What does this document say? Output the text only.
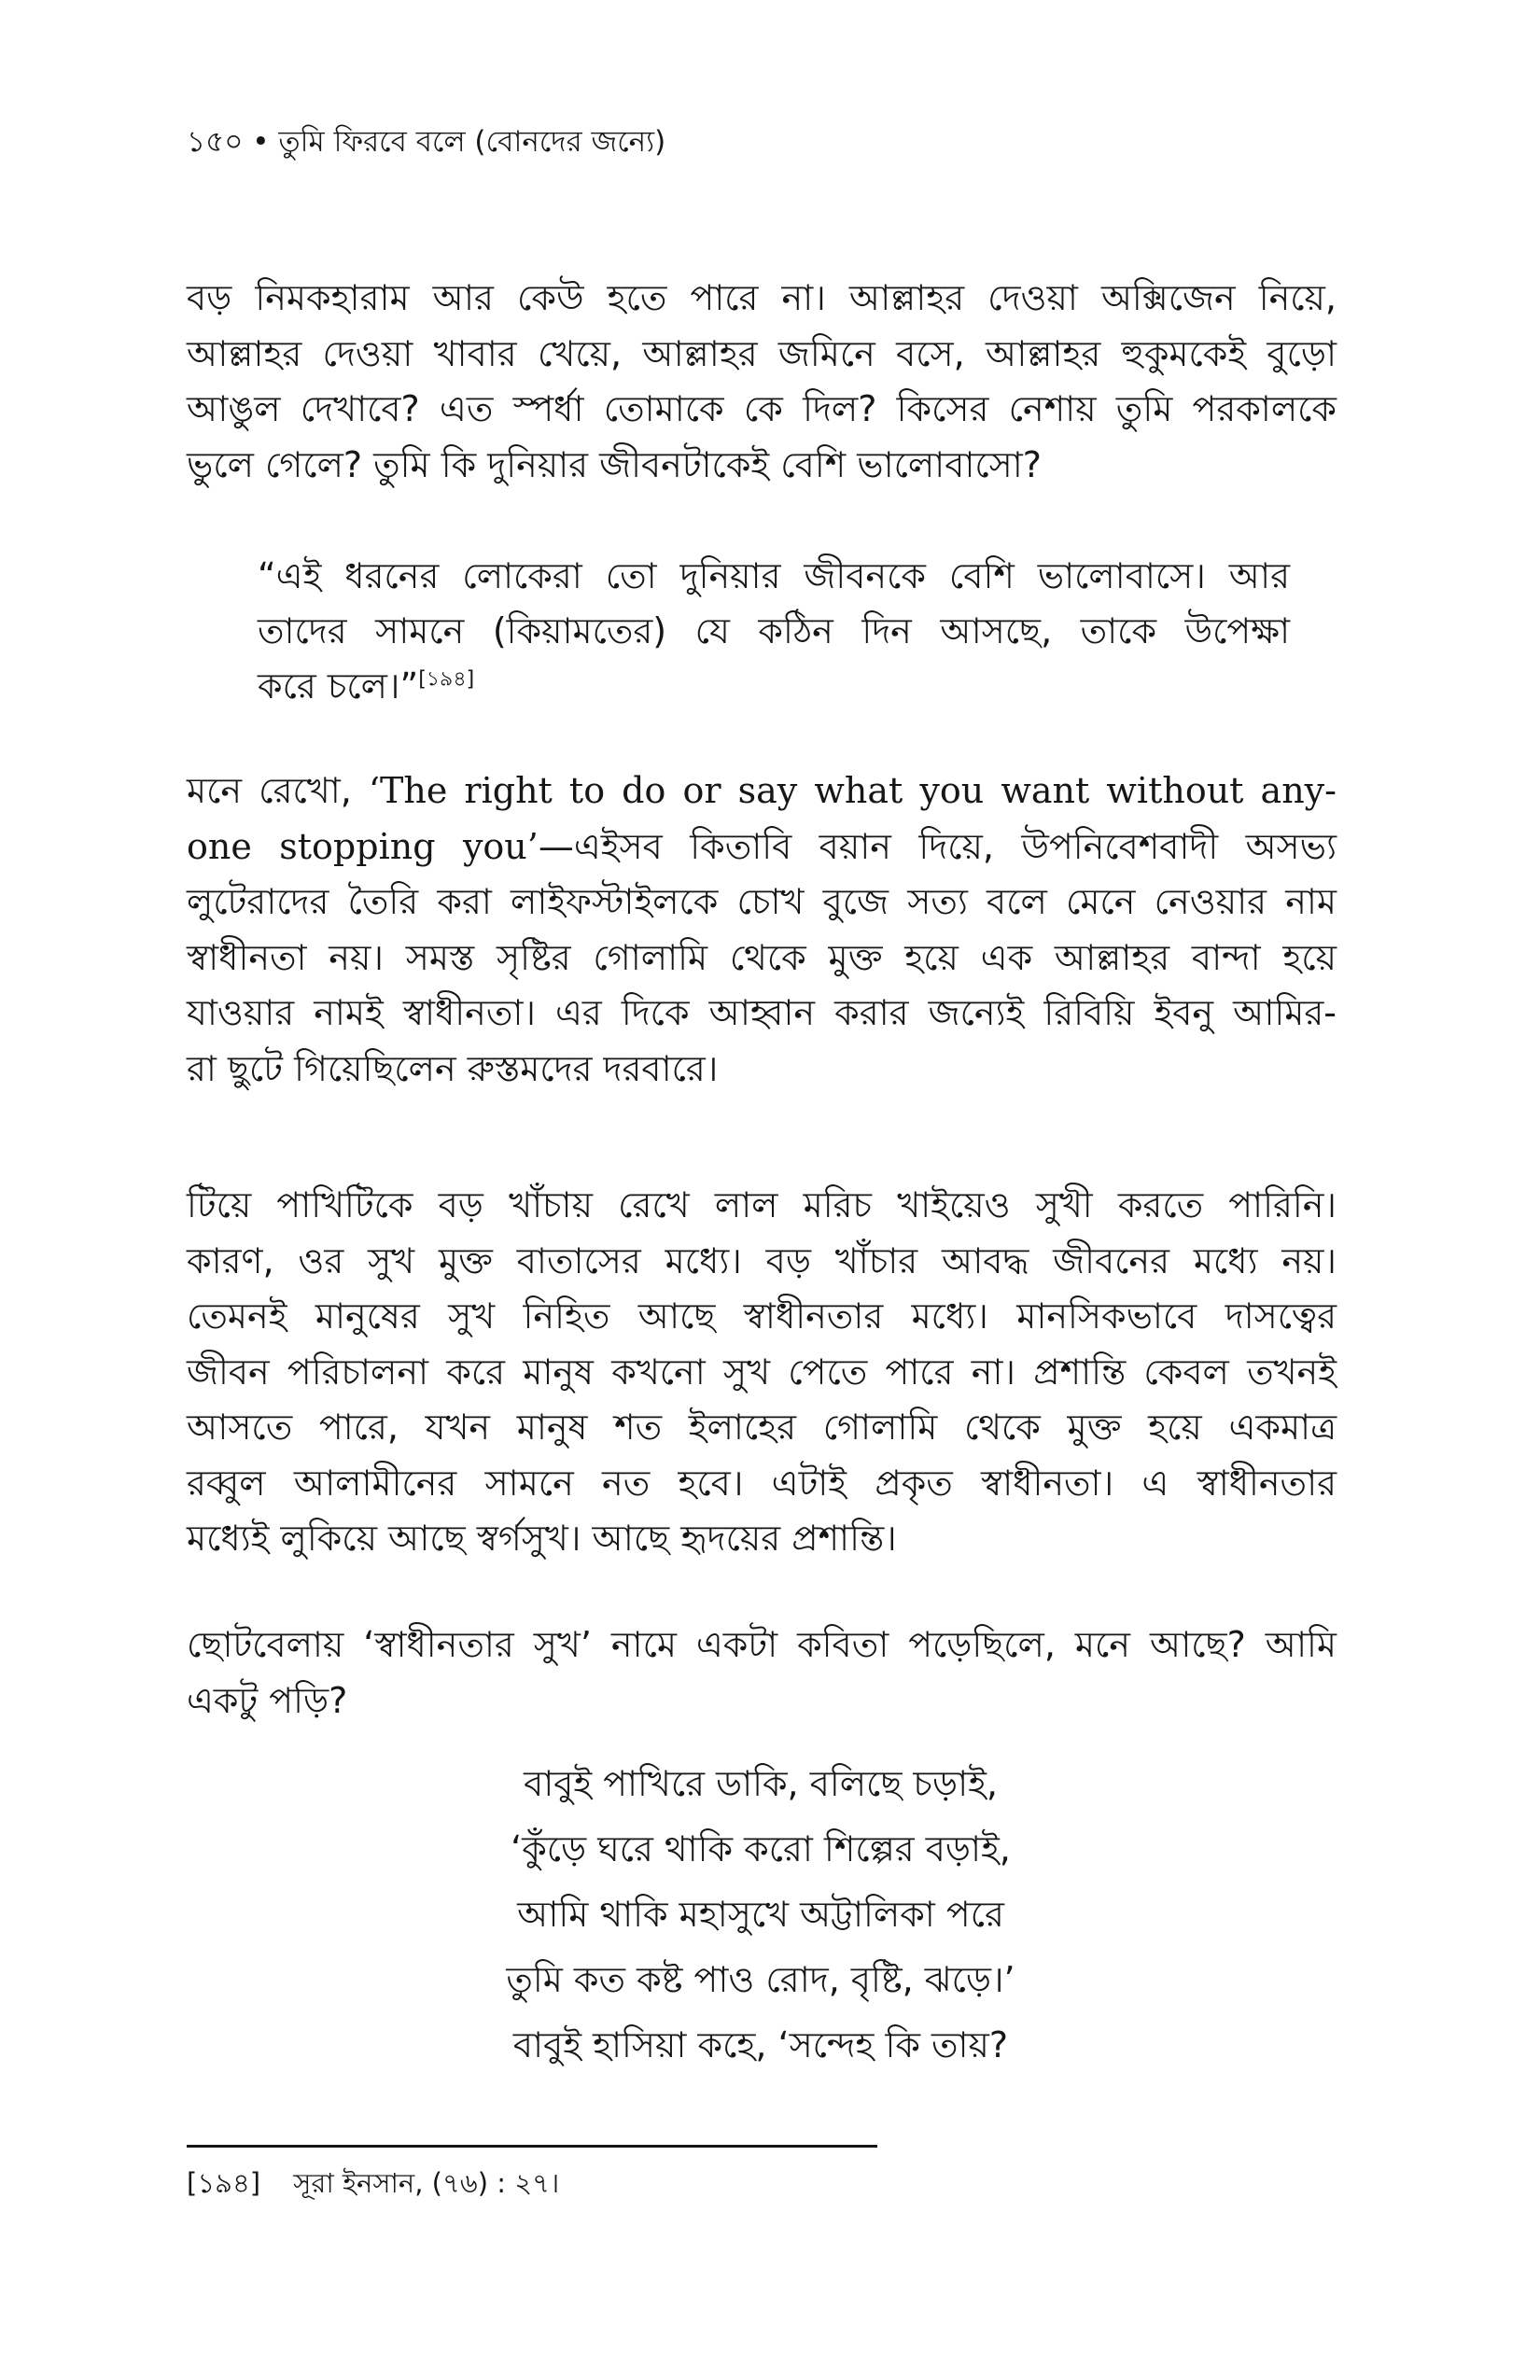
১৫০ • তুমি ফিরবে বলে (বোনদের জন্যে)

বড় নিমকহারাম আর কেউ হতে পারে না। আল্লাহর দেওয়া অক্সিজেন নিয়ে,
আল্লাহর দেওয়া খাবার খেয়ে, আল্লাহর জমিনে বসে, আল্লাহর হুকুমকেই বুড়ো
আঙুল দেখাবে? এত স্পর্ধা তোমাকে কে দিল? কিসের নেশায় তুমি পরকালকে
ভুলে গেলে? তুমি কি দুনিয়ার জীবনটাকেই বেশি ভালোবাসো?

“এই ধরনের লোকেরা তো দুনিয়ার জীবনকে বেশি ভালোবাসে। আর
তাদের সামনে (কিয়ামতের) যে কঠিন দিন আসছে, তাকে উপেক্ষা
করে চলে।”[১৯৪]

মনে রেখো, ‘The right to do or say what you want without any-
one stopping you’—এইসব কিতাবি বয়ান দিয়ে, উপনিবেশবাদী অসভ্য
লুটেরাদের তৈরি করা লাইফস্টাইলকে চোখ বুজে সত্য বলে মেনে নেওয়ার নাম
স্বাধীনতা নয়। সমস্ত সৃষ্টির গোলামি থেকে মুক্ত হয়ে এক আল্লাহর বান্দা হয়ে
যাওয়ার নামই স্বাধীনতা। এর দিকে আহ্বান করার জন্যেই রিবিয়ি ইবনু আমির-
রা ছুটে গিয়েছিলেন রুস্তমদের দরবারে।

টিয়ে পাখিটিকে বড় খাঁচায় রেখে লাল মরিচ খাইয়েও সুখী করতে পারিনি।
কারণ, ওর সুখ মুক্ত বাতাসের মধ্যে। বড় খাঁচার আবদ্ধ জীবনের মধ্যে নয়।
তেমনই মানুষের সুখ নিহিত আছে স্বাধীনতার মধ্যে। মানসিকভাবে দাসত্বের
জীবন পরিচালনা করে মানুষ কখনো সুখ পেতে পারে না। প্রশান্তি কেবল তখনই
আসতে পারে, যখন মানুষ শত ইলাহের গোলামি থেকে মুক্ত হয়ে একমাত্র
রব্বুল আলামীনের সামনে নত হবে। এটাই প্রকৃত স্বাধীনতা। এ স্বাধীনতার
মধ্যেই লুকিয়ে আছে স্বর্গসুখ। আছে হৃদয়ের প্রশান্তি।

ছোটবেলায় ‘স্বাধীনতার সুখ’ নামে একটা কবিতা পড়েছিলে, মনে আছে? আমি
একটু পড়ি?

বাবুই পাখিরে ডাকি, বলিছে চড়াই,
‘কুঁড়ে ঘরে থাকি করো শিল্পের বড়াই,
আমি থাকি মহাসুখে অট্টালিকা পরে
তুমি কত কষ্ট পাও রোদ, বৃষ্টি, ঝড়ে।’
বাবুই হাসিয়া কহে, ‘সন্দেহ কি তায়?
[১৯৪] সূরা ইনসান, (৭৬) : ২৭।
